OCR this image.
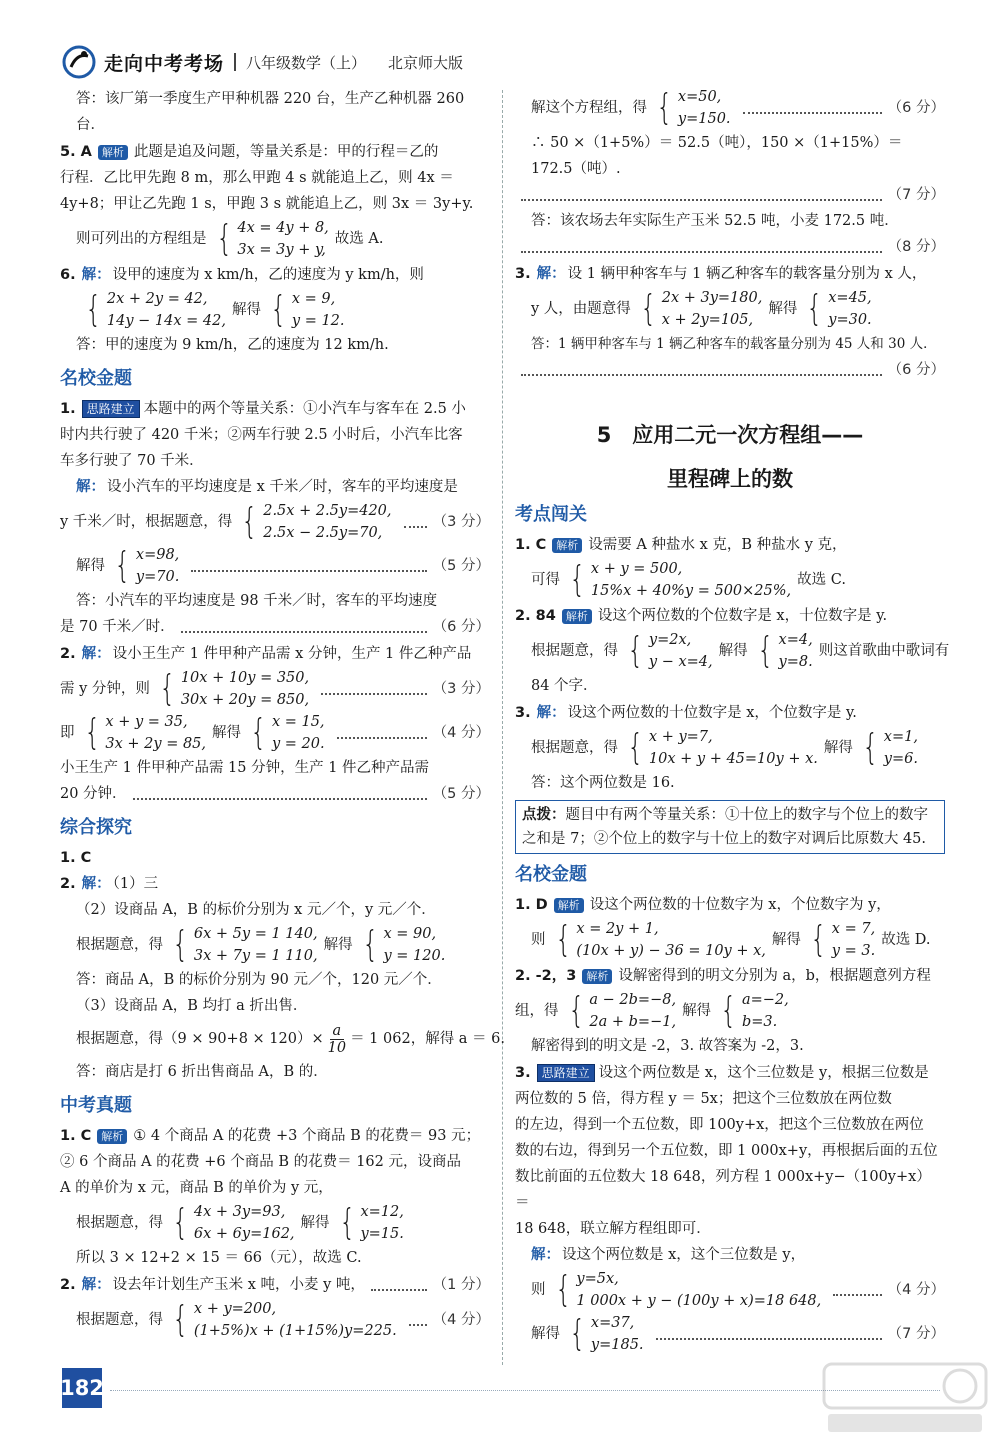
走向中考考场 八年级数学（上） 北京师大版
答：该厂第一季度生产甲种机器 220 台，生产乙种机器 260 台．
5. A 解析 此题是追及问题，等量关系是：甲的行程＝乙的
行程．乙比甲先跑 8 m，那么甲跑 4 s 就能追上乙，则 4x ＝
4y+8；甲让乙先跑 1 s，甲跑 3 s 就能追上乙，则 3x ＝ 3y+y.
则可列出的方程组是 { 4x = 4y + 8,
3x = 3y + y,
故选 A.
6. 解： 设甲的速度为 x km/h，乙的速度为 y km/h，则
{ 2x + 2y = 42,
14y − 14x = 42,
解得 { x = 9,
y = 12.
答：甲的速度为 9 km/h，乙的速度为 12 km/h.
名校金题
1. 思路建立 本题中的两个等量关系：①小汽车与客车在 2.5 小
时内共行驶了 420 千米；②两车行驶 2.5 小时后，小汽车比客
车多行驶了 70 千米．
解： 设小汽车的平均速度是 x 千米／时，客车的平均速度是
y 千米／时，根据题意，得 { 2.5x + 2.5y=420,
2.5x − 2.5y=70,
（3 分）
解得 { x=98,
y=70.
（5 分）
答：小汽车的平均速度是 98 千米／时，客车的平均速度
是 70 千米／时．	（6 分）
2. 解： 设小王生产 1 件甲种产品需 x 分钟，生产 1 件乙种产品
需 y 分钟，则 { 10x + 10y = 350,
30x + 20y = 850,
（3 分）
即 { x + y = 35,
3x + 2y = 85,
解得 { x = 15,
y = 20.
（4 分）
小王生产 1 件甲种产品需 15 分钟，生产 1 件乙种产品需
20 分钟．	（5 分）
综合探究
1. C
2. 解： （1）三
（2）设商品 A，B 的标价分别为 x 元／个，y 元／个．
根据题意，得 { 6x + 5y = 1 140,
3x + 7y = 1 110,
解得 { x = 90,
y = 120.
答：商品 A，B 的标价分别为 90 元／个，120 元／个．
（3）设商品 A，B 均打 a 折出售．
根据题意，得$(9 \times 90+8 \times 120)\times \frac{a}{10} = 1$ 062，解得 a ＝ 6.
答：商店是打 6 折出售商品 A，B 的．
中考真题
1. C 解析 ① 4 个商品 A 的花费 +3 个商品 B 的花费＝ 93 元；
② 6 个商品 A 的花费 +6 个商品 B 的花费＝ 162 元，设商品
A 的单价为 x 元，商品 B 的单价为 y 元，
根据题意，得 { 4x + 3y=93,
6x + 6y=162,
解得 { x=12,
y=15.
所以 3 × 12+2 × 15 ＝ 66（元），故选 C.
2. 解： 设去年计划生产玉米 x 吨，小麦 y 吨，	（1 分）
根据题意，得 { x + y=200,
(1+5%)x + (1+15%)y=225.
（4 分）
解这个方程组，得 { x=50,
y=150.
（6 分）
∴ 50 ×（1+5%）＝ 52.5（吨），150 ×（1+15%）＝ 172.5（吨）.
（7 分）
答：该农场去年实际生产玉米 52.5 吨，小麦 172.5 吨．
（8 分）
3. 解： 设 1 辆甲种客车与 1 辆乙种客车的载客量分别为 x 人，
y 人，由题意得 { 2x + 3y=180,
x + 2y=105,
解得 { x=45,
y=30.
答：1 辆甲种客车与 1 辆乙种客车的载客量分别为 45 人和 30 人．
（6 分）
5　应用二元一次方程组——
里程碑上的数
考点闯关
1. C 解析 设需要 A 种盐水 x 克，B 种盐水 y 克，
可得 { x + y = 500,
15%x + 40%y = 500×25%,
故选 C.
2. 84 解析 设这个两位数的个位数字是 x，十位数字是 y.
根据题意，得 { y=2x,
y − x=4,
解得 { x=4,
y=8.
则这首歌曲中歌词有
84 个字．
3. 解： 设这个两位数的十位数字是 x，个位数字是 y.
根据题意，得 { x + y=7,
10x + y + 45=10y + x.
解得 { x=1,
y=6.
答：这个两位数是 16.
点拨：题目中有两个等量关系：①十位上的数字与个位上的数字之和是 7；②个位上的数字与十位上的数字对调后比原数大 45.
名校金题
1. D 解析 设这个两位数的十位数字为 x，个位数字为 y，
则 { x = 2y + 1,
(10x + y) − 36 = 10y + x,
解得 { x = 7,
y = 3.
故选 D.
2. -2，3 解析 设解密得到的明文分别为 a，b，根据题意列方程
组，得 { a − 2b=−8,
2a + b=−1,
解得 { a=−2,
b=3.
解密得到的明文是 -2，3. 故答案为 -2，3.
3. 思路建立 设这个两位数是 x，这个三位数是 y，根据三位数是
两位数的 5 倍，得方程 y ＝ 5x；把这个三位数放在两位数
的左边，得到一个五位数，即 100y+x，把这个三位数放在两位
数的右边，得到另一个五位数，即 1 000x+y，再根据后面的五位
数比前面的五位数大 18 648，列方程 1 000x+y−（100y+x）＝
18 648，联立解方程组即可．
解： 设这个两位数是 x，这个三位数是 y，
则 { y=5x,
1 000x + y − (100y + x)=18 648,
（4 分）
解得 { x=37,
y=185.
（7 分）
182
